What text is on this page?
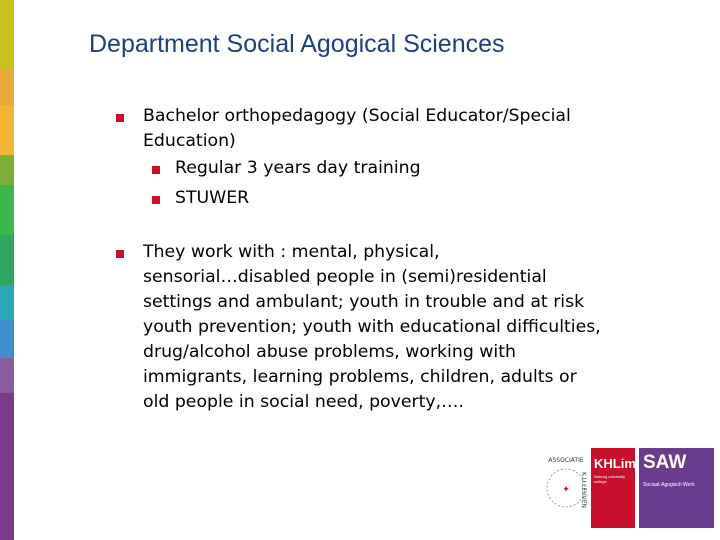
Department Social Agogical Sciences
Bachelor orthopedagogy (Social Educator/Special
Education)
Regular 3 years day training
STUWER
They work with : mental, physical,
sensorial…disabled people in (semi)residential
settings and ambulant; youth in trouble and at risk
youth prevention; youth with educational difficulties,
drug/alcohol abuse problems, working with
immigrants, learning problems, children, adults or
old people in social need, poverty,….
ASSOCIATIE
K.U.LEUVEN
✦
KHLim
limburg university college
SAW
Sociaal-Agogisch Werk
